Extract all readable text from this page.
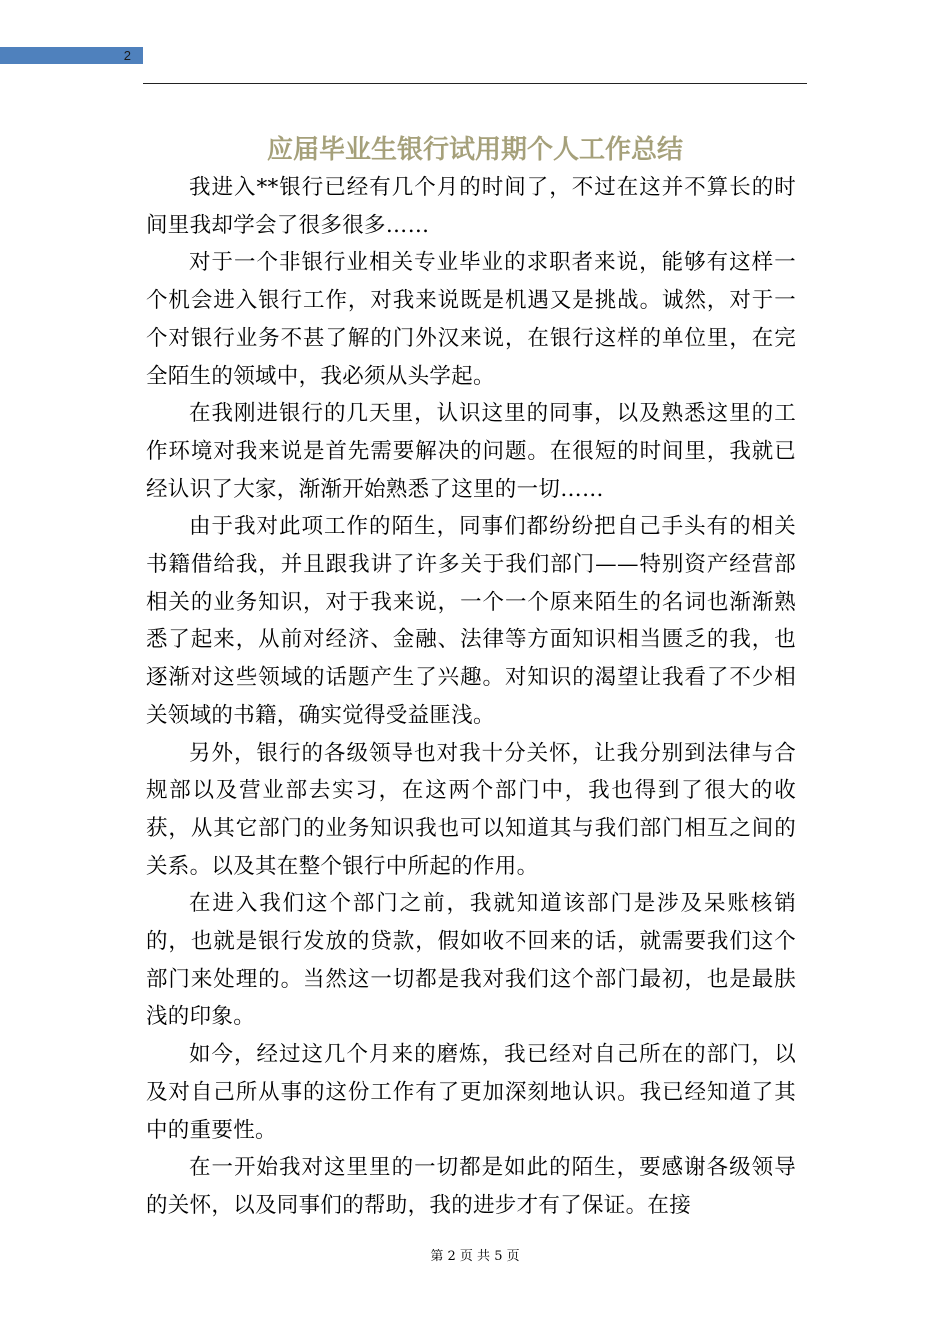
2
应届毕业生银行试用期个人工作总结

我进入**银行已经有几个月的时间了，不过在这并不算长的时间里我却学会了很多很多……

对于一个非银行业相关专业毕业的求职者来说，能够有这样一个机会进入银行工作，对我来说既是机遇又是挑战。诚然，对于一个对银行业务不甚了解的门外汉来说，在银行这样的单位里，在完全陌生的领域中，我必须从头学起。

在我刚进银行的几天里，认识这里的同事，以及熟悉这里的工作环境对我来说是首先需要解决的问题。在很短的时间里，我就已经认识了大家，渐渐开始熟悉了这里的一切……

由于我对此项工作的陌生，同事们都纷纷把自己手头有的相关书籍借给我，并且跟我讲了许多关于我们部门——特别资产经营部相关的业务知识，对于我来说，一个一个原来陌生的名词也渐渐熟悉了起来，从前对经济、金融、法律等方面知识相当匮乏的我，也逐渐对这些领域的话题产生了兴趣。对知识的渴望让我看了不少相关领域的书籍，确实觉得受益匪浅。

另外，银行的各级领导也对我十分关怀，让我分别到法律与合规部以及营业部去实习，在这两个部门中，我也得到了很大的收获，从其它部门的业务知识我也可以知道其与我们部门相互之间的关系。以及其在整个银行中所起的作用。

在进入我们这个部门之前，我就知道该部门是涉及呆账核销的，也就是银行发放的贷款，假如收不回来的话，就需要我们这个部门来处理的。当然这一切都是我对我们这个部门最初，也是最肤浅的印象。

如今，经过这几个月来的磨炼，我已经对自己所在的部门，以及对自己所从事的这份工作有了更加深刻地认识。我已经知道了其中的重要性。

在一开始我对这里里的一切都是如此的陌生，要感谢各级领导的关怀，以及同事们的帮助，我的进步才有了保证。在接

第 2 页 共 5 页
